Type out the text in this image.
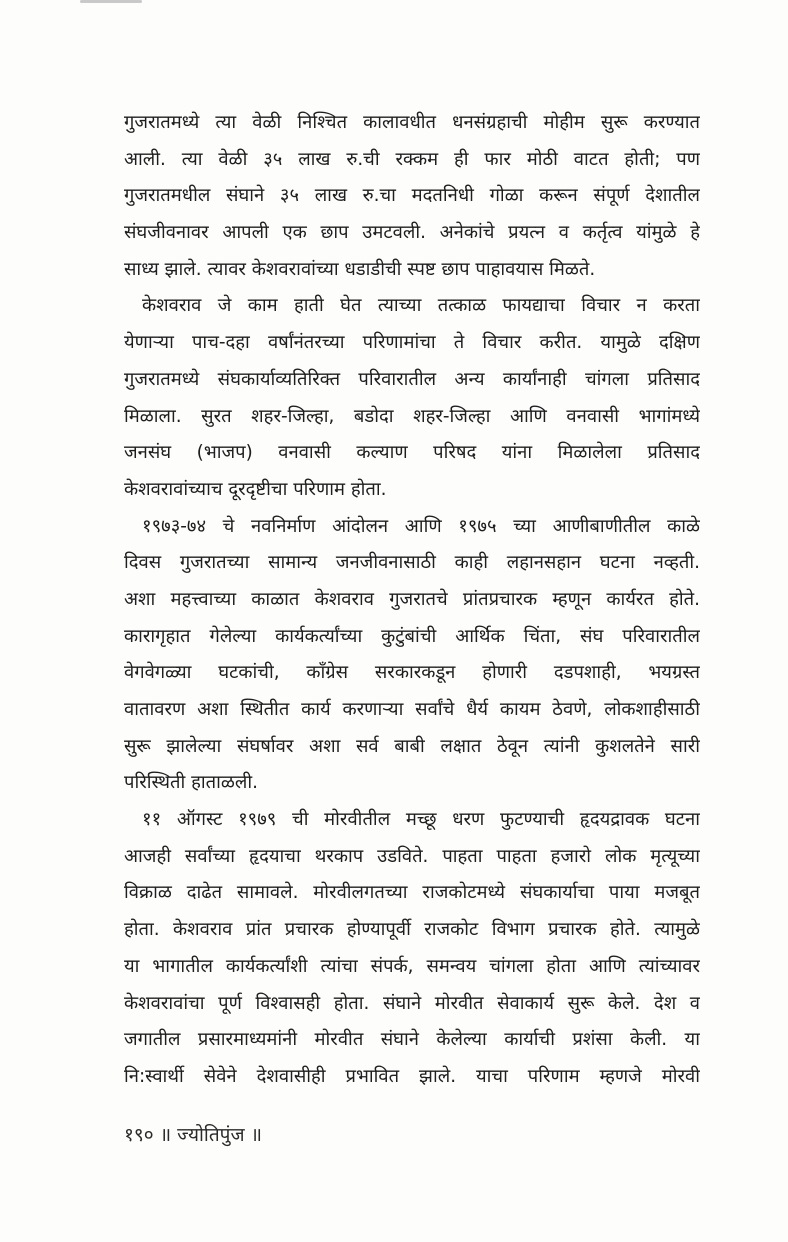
गुजरातमध्ये त्या वेळी निश्चित कालावधीत धनसंग्रहाची मोहीम सुरू करण्यात
आली. त्या वेळी ३५ लाख रु.ची रक्कम ही फार मोठी वाटत होती; पण
गुजरातमधील संघाने ३५ लाख रु.चा मदतनिधी गोळा करून संपूर्ण देशातील
संघजीवनावर आपली एक छाप उमटवली. अनेकांचे प्रयत्न व कर्तृत्व यांमुळे हे
साध्य झाले. त्यावर केशवरावांच्या धडाडीची स्पष्ट छाप पाहावयास मिळते.
केशवराव जे काम हाती घेत त्याच्या तत्काळ फायद्याचा विचार न करता
येणाऱ्या पाच-दहा वर्षांनंतरच्या परिणामांचा ते विचार करीत. यामुळे दक्षिण
गुजरातमध्ये संघकार्याव्यतिरिक्त परिवारातील अन्य कार्यांनाही चांगला प्रतिसाद
मिळाला. सुरत शहर-जिल्हा, बडोदा शहर-जिल्हा आणि वनवासी भागांमध्ये
जनसंघ (भाजप) वनवासी कल्याण परिषद यांना मिळालेला प्रतिसाद
केशवरावांच्याच दूरदृष्टीचा परिणाम होता.
१९७३-७४ चे नवनिर्माण आंदोलन आणि १९७५ च्या आणीबाणीतील काळे
दिवस गुजरातच्या सामान्य जनजीवनासाठी काही लहानसहान घटना नव्हती.
अशा महत्त्वाच्या काळात केशवराव गुजरातचे प्रांतप्रचारक म्हणून कार्यरत होते.
कारागृहात गेलेल्या कार्यकर्त्यांच्या कुटुंबांची आर्थिक चिंता, संघ परिवारातील
वेगवेगळ्या घटकांची, काँग्रेस सरकारकडून होणारी दडपशाही, भयग्रस्त
वातावरण अशा स्थितीत कार्य करणाऱ्या सर्वांचे धैर्य कायम ठेवणे, लोकशाहीसाठी
सुरू झालेल्या संघर्षावर अशा सर्व बाबी लक्षात ठेवून त्यांनी कुशलतेने सारी
परिस्थिती हाताळली.
११ ऑगस्ट १९७९ ची मोरवीतील मच्छू धरण फुटण्याची हृदयद्रावक घटना
आजही सर्वांच्या हृदयाचा थरकाप उडविते. पाहता पाहता हजारो लोक मृत्यूच्या
विक्राळ दाढेत सामावले. मोरवीलगतच्या राजकोटमध्ये संघकार्याचा पाया मजबूत
होता. केशवराव प्रांत प्रचारक होण्यापूर्वी राजकोट विभाग प्रचारक होते. त्यामुळे
या भागातील कार्यकर्त्यांशी त्यांचा संपर्क, समन्वय चांगला होता आणि त्यांच्यावर
केशवरावांचा पूर्ण विश्वासही होता. संघाने मोरवीत सेवाकार्य सुरू केले. देश व
जगातील प्रसारमाध्यमांनी मोरवीत संघाने केलेल्या कार्याची प्रशंसा केली. या
नि:स्वार्थी सेवेने देशवासीही प्रभावित झाले. याचा परिणाम म्हणजे मोरवी
१९० ॥ ज्योतिपुंज ॥
